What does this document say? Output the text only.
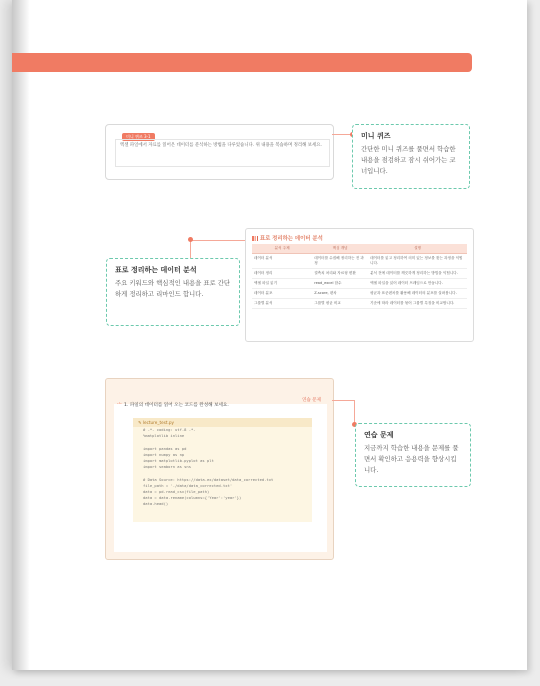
미니 퀴즈 3-1
엑셀 파일에서 자료를 읽어온 데이터를 분석하는 방법을 다루었습니다. 위 내용을 복습하며 정리해 보세요.
미니 퀴즈
간단한 미니 퀴즈를 풀면서 학습한 내용을 점검하고 잠시 쉬어가는 코너입니다.
표로 정리하는 데이터 분석
주요 키워드와 핵심적인 내용을 표로 간단하게 정리하고 리마인드 합니다.
표로 정리하는 데이터 분석
분석 주제	핵심 개념	설명
데이터 분석	데이터를 수집해 정리하는 전 과정	데이터를 읽고 정리하여 의미 있는 정보를 찾는 과정을 익힙니다.
데이터 정리	결측치 처리와 자료형 변환	분석 전에 데이터를 깨끗하게 정리하는 방법을 익힙니다.
엑셀 파일 읽기	read_excel 함수	엑셀 파일을 읽어 데이터 프레임으로 만듭니다.
데이터 분포	Z-score, 편차	평균과 표준편차를 활용해 데이터의 분포를 살펴봅니다.
그룹별 분석	그룹별 평균 비교	기준에 따라 데이터를 묶어 그룹별 특징을 비교합니다.
연습 문제
1. 파일의 데이터를 읽어 오는 코드를 완성해 보세요.
✎ lecture_test.py
# -*- coding: utf-8 -*-
%matplotlib inline

import pandas as pd
import numpy as np
import matplotlib.pyplot as plt
import seaborn as sns

# Data Source: https://data.ex/dataset/data_corrected.txt
file_path = './data/data_corrected.txt'
data = pd.read_csv(file_path)
data = data.rename(columns={'Year':'year'})
data.head()
연습 문제
지금까지 학습한 내용을 문제를 풀면서 확인하고 응용력을 향상시킵니다.
